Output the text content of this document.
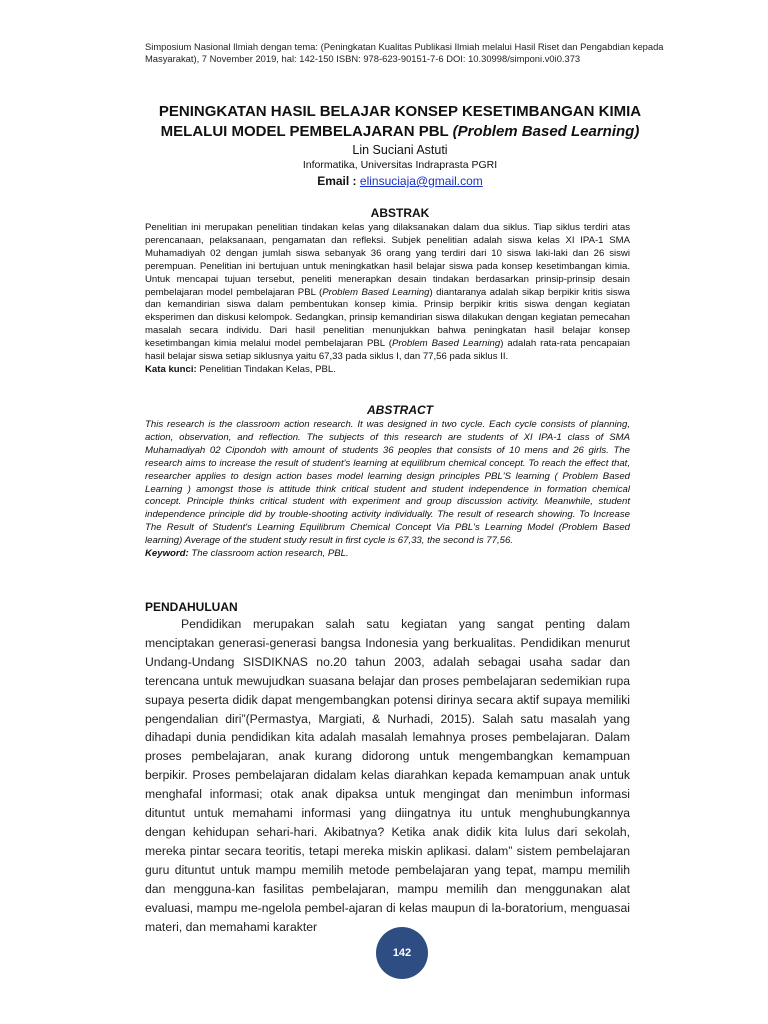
Simposium Nasional Ilmiah dengan tema: (Peningkatan Kualitas Publikasi Ilmiah melalui Hasil Riset dan Pengabdian kepada Masyarakat), 7 November 2019, hal: 142-150 ISBN: 978-623-90151-7-6 DOI: 10.30998/simponi.v0i0.373
PENINGKATAN HASIL BELAJAR KONSEP KESETIMBANGAN KIMIA
MELALUI MODEL PEMBELAJARAN PBL (Problem Based Learning)
Lin Suciani Astuti
Informatika, Universitas Indraprasta PGRI
Email : elinsuciaja@gmail.com
ABSTRAK
Penelitian ini merupakan penelitian tindakan kelas yang dilaksanakan dalam dua siklus. Tiap siklus terdiri atas perencanaan, pelaksanaan, pengamatan dan refleksi. Subjek penelitian adalah siswa kelas XI IPA-1 SMA Muhamadiyah 02 dengan jumlah siswa sebanyak 36 orang yang terdiri dari 10 siswa laki-laki dan 26 siswi perempuan. Penelitian ini bertujuan untuk meningkatkan hasil belajar siswa pada konsep kesetimbangan kimia. Untuk mencapai tujuan tersebut, peneliti menerapkan desain tindakan berdasarkan prinsip-prinsip desain pembelajaran model pembelajaran PBL (Problem Based Learning) diantaranya adalah sikap berpikir kritis siswa dan kemandirian siswa dalam pembentukan konsep kimia. Prinsip berpikir kritis siswa dengan kegiatan eksperimen dan diskusi kelompok. Sedangkan, prinsip kemandirian siswa dilakukan dengan kegiatan pemecahan masalah secara individu. Dari hasil penelitian menunjukkan bahwa peningkatan hasil belajar konsep kesetimbangan kimia melalui model pembelajaran PBL (Problem Based Learning) adalah rata-rata pencapaian hasil belajar siswa setiap siklusnya yaitu 67,33 pada siklus I, dan 77,56 pada siklus II.
Kata kunci: Penelitian Tindakan Kelas, PBL.
ABSTRACT
This research is the classroom action research. It was designed in two cycle. Each cycle consists of planning, action, observation, and reflection. The subjects of this research are students of XI IPA-1 class of SMA Muhamadiyah 02 Cipondoh with amount of students 36 peoples that consists of 10 mens and 26 girls. The research aims to increase the result of student's learning at equilibrum chemical concept. To reach the effect that, researcher applies to design action bases model learning design principles PBL'S learning ( Problem Based Learning ) amongst those is attitude think critical student and student independence in formation chemical concept. Principle thinks critical student with experiment and group discussion activity. Meanwhile, student independence principle did by trouble-shooting activity individually. The result of research showing. To Increase The Result of Student's Learning Equilibrum Chemical Concept Via PBL's Learning Model (Problem Based learning) Average of the student study result in first cycle is 67,33, the second is 77,56.
Keyword: The classroom action research, PBL.
PENDAHULUAN

Pendidikan merupakan salah satu kegiatan yang sangat penting dalam menciptakan generasi-generasi bangsa Indonesia yang berkualitas. Pendidikan menurut Undang-Undang SISDIKNAS no.20 tahun 2003, adalah sebagai usaha sadar dan terencana untuk mewujudkan suasana belajar dan proses pembelajaran sedemikian rupa supaya peserta didik dapat mengembangkan potensi dirinya secara aktif supaya memiliki pengendalian diri”(Permastya, Margiati, & Nurhadi, 2015). Salah satu masalah yang dihadapi dunia pendidikan kita adalah masalah lemahnya proses pembelajaran. Dalam proses pembelajaran, anak kurang didorong untuk mengembangkan kemampuan berpikir. Proses pembelajaran didalam kelas diarahkan kepada kemampuan anak untuk menghafal informasi; otak anak dipaksa untuk mengingat dan menimbun informasi dituntut untuk memahami informasi yang diingatnya itu untuk menghubungkannya dengan kehidupan sehari-hari. Akibatnya? Ketika anak didik kita lulus dari sekolah, mereka pintar secara teoritis, tetapi mereka miskin aplikasi. dalam” sistem pembelajaran guru dituntut untuk mampu memilih metode pembelajaran yang tepat, mampu memilih dan mengguna-kan fasilitas pembelajaran, mampu memilih dan menggunakan alat evaluasi, mampu me-ngelola pembel-ajaran di kelas maupun di la-boratorium, menguasai materi, dan memahami karakter

142
